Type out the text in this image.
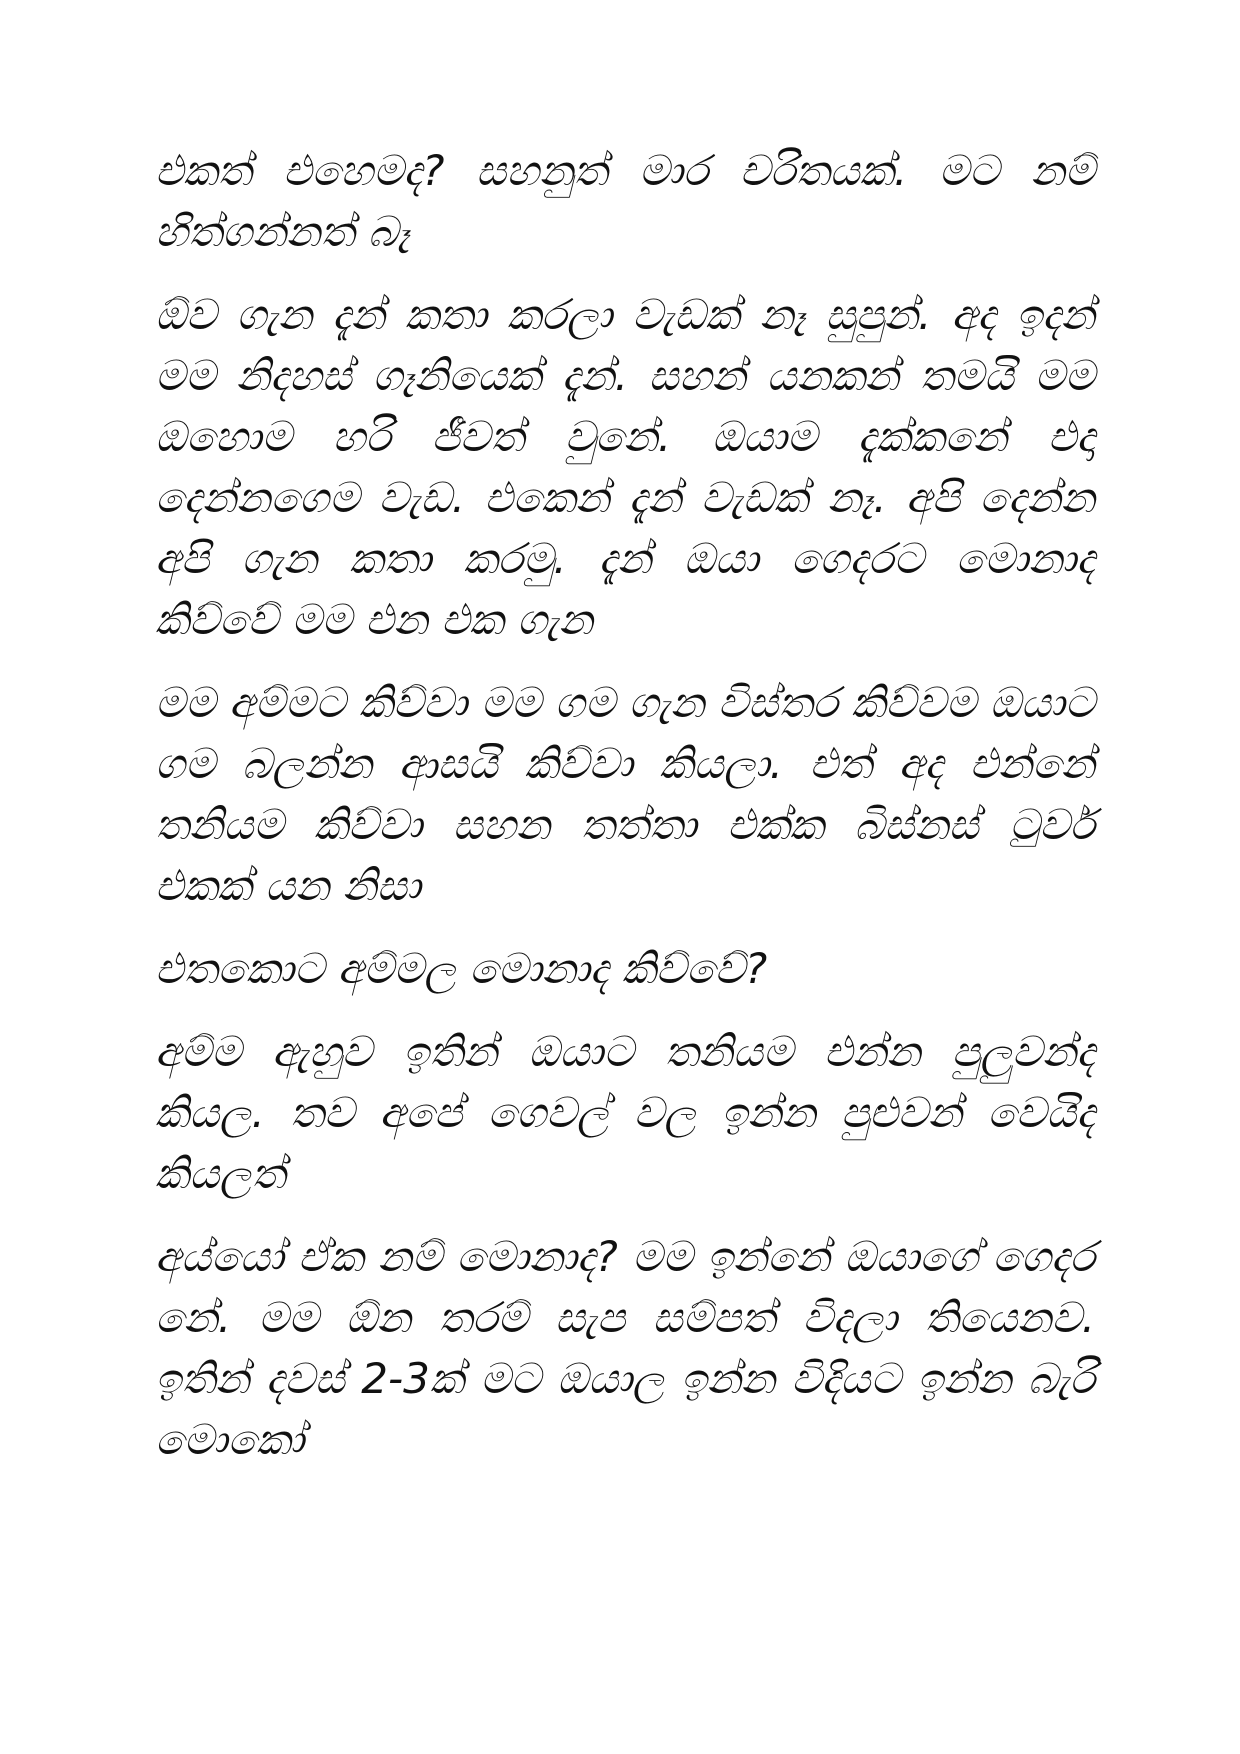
එකත් එහෙමද? සහනුත් මාර චරිතයක්. මට නම් හිත්ගන්නත් බෑ

ඕව ගැන දැන් කතා කරලා වැඩක් නෑ සුපුන්. අද ඉදන් මම නිදහස් ගෑනියෙක් දැන්. සහන් යනකන් තමයි මම ඔහොම හරි ජීවත් වුනේ. ඔයාම දැක්කනේ එදා දෙන්නගෙම වැඩ. එකෙන් දැන් වැඩක් නෑ. අපි දෙන්න අපි ගැන කතා කරමු. දැන් ඔයා ගෙදරට මොනාද කිව්වේ මම එන එක ගැන

මම අම්මට කිව්වා මම ගම ගැන විස්තර කිව්වම ඔයාට ගම බලන්න ආසයි කිව්වා කියලා. එත් අද එන්නේ තනියම කිව්වා සහන තත්තා එක්ක බිස්නස් ටුවර් එකක් යන නිසා

එතකොට අම්මල මොනාද කිව්වේ?

අම්ම ඇහුව ඉතින් ඔයාට තනියම එන්න පුලුවන්ද කියල. තව අපේ ගෙවල් වල ඉන්න පුළුවන් වෙයිද කියලත්

අය්යෝ ඒක නම් මොනාද? මම ඉන්නේ ඔයාගේ ගෙදර නේ. මම ඕන තරම් සැප සම්පත් විදලා තියෙනව. ඉතින් දවස් 2-3ක් මට ඔයාල ඉන්න විදියට ඉන්න බැරි මොකෝ
